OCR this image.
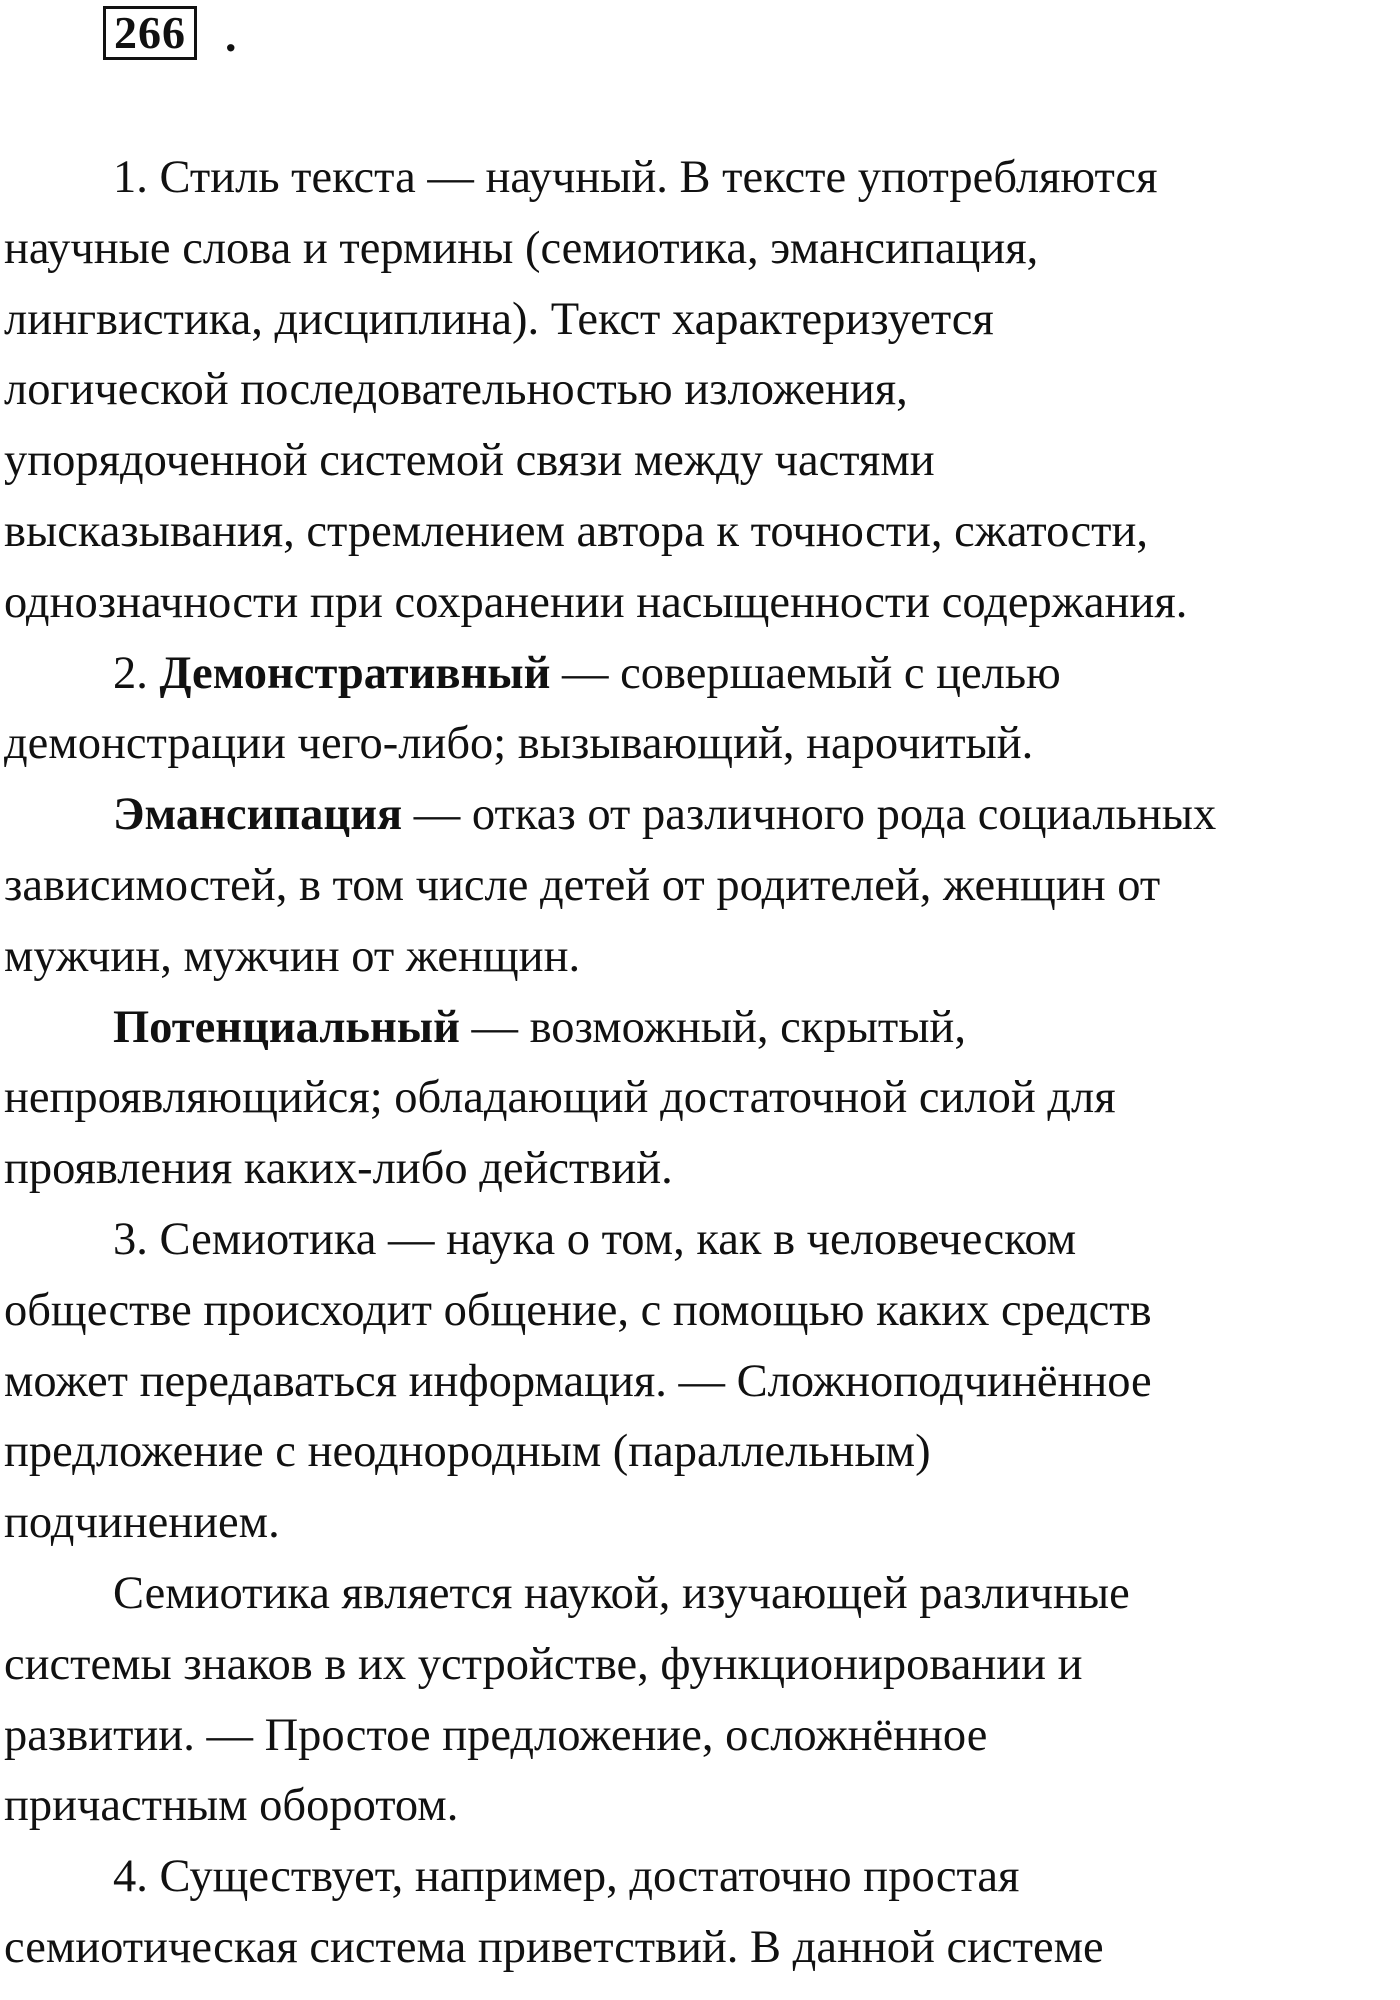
266 .
1. Стиль текста — научный. В тексте употребляются
научные слова и термины (семиотика, эмансипация,
лингвистика, дисциплина). Текст характеризуется
логической последовательностью изложения,
упорядоченной системой связи между частями
высказывания, стремлением автора к точности, сжатости,
однозначности при сохранении насыщенности содержания.
2. Демонстративный — совершаемый с целью
демонстрации чего-либо; вызывающий, нарочитый.
Эмансипация — отказ от различного рода социальных
зависимостей, в том числе детей от родителей, женщин от
мужчин, мужчин от женщин.
Потенциальный — возможный, скрытый,
непроявляющийся; обладающий достаточной силой для
проявления каких-либо действий.
3. Семиотика — наука о том, как в человеческом
обществе происходит общение, с помощью каких средств
может передаваться информация. — Сложноподчинённое
предложение с неоднородным (параллельным)
подчинением.
Семиотика является наукой, изучающей различные
системы знаков в их устройстве, функционировании и
развитии. — Простое предложение, осложнённое
причастным оборотом.
4. Существует, например, достаточно простая
семиотическая система приветствий. В данной системе
